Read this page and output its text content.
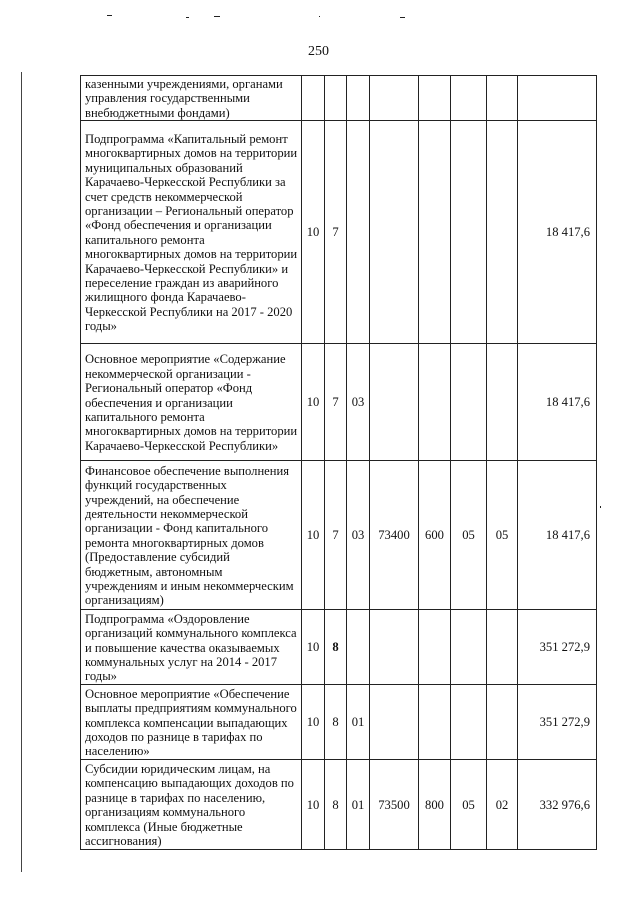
250
казенными учреждениями, органами управления государственными внебюджетными фондами)								
Подпрограмма «Капитальный ремонт многоквартирных домов на территории муниципальных образований Карачаево-Черкесской Республики за счет средств некоммерческой организации – Региональный оператор «Фонд обеспечения и организации капитального ремонта многоквартирных домов на территории Карачаево-Черкесской Республики» и переселение граждан из аварийного жилищного фонда Карачаево-Черкесской Республики на 2017 - 2020 годы»	10	7						18 417,6
Основное мероприятие «Содержание некоммерческой организации - Региональный оператор «Фонд обеспечения и организации капитального ремонта многоквартирных домов на территории Карачаево-Черкесской Республики»	10	7	03					18 417,6
Финансовое обеспечение выполнения функций государственных учреждений, на обеспечение деятельности некоммерческой организации - Фонд капитального ремонта многоквартирных домов (Предоставление субсидий бюджетным, автономным учреждениям и иным некоммерческим организациям)	10	7	03	73400	600	05	05	18 417,6
Подпрограмма «Оздоровление организаций коммунального комплекса и повышение качества оказываемых коммунальных услуг на 2014 - 2017 годы»	10	8						351 272,9
Основное мероприятие «Обеспечение выплаты предприятиям коммунального комплекса компенсации выпадающих доходов по разнице в тарифах по населению»	10	8	01					351 272,9
Субсидии юридическим лицам, на компенсацию выпадающих доходов по разнице в тарифах по населению, организациям коммунального комплекса (Иные бюджетные ассигнования)	10	8	01	73500	800	05	02	332 976,6
